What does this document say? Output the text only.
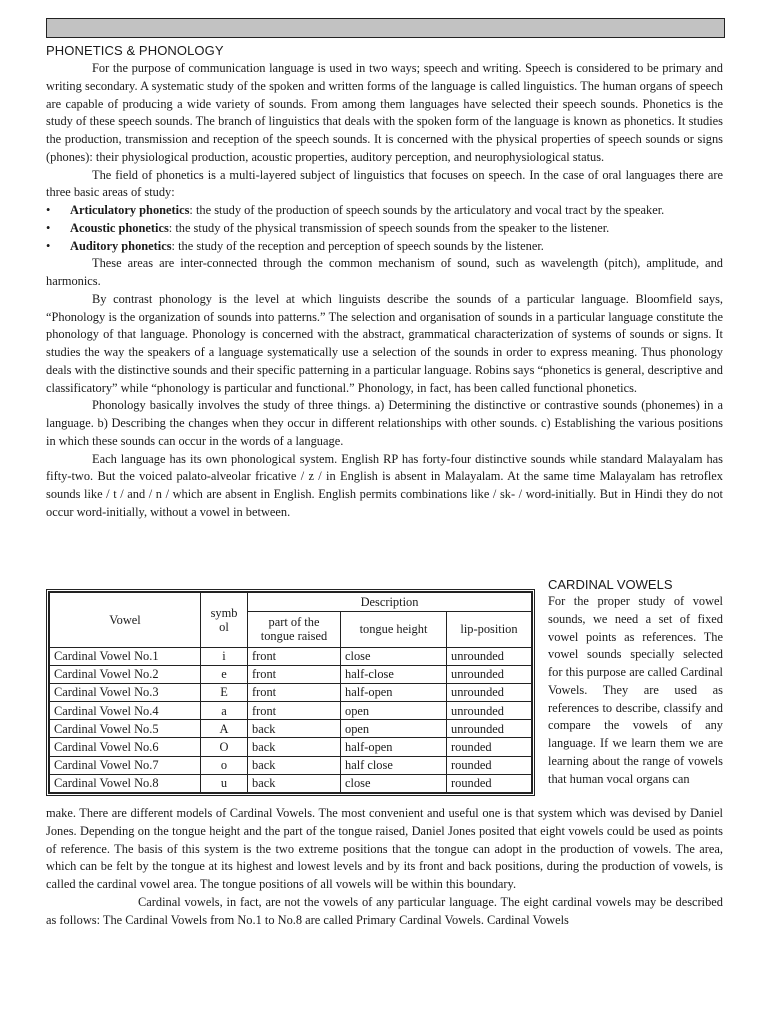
PHONETICS & PHONOLOGY

For the purpose of communication language is used in two ways; speech and writing. Speech is considered to be primary and writing secondary. A systematic study of the spoken and written forms of the language is called linguistics. The human organs of speech are capable of producing a wide variety of sounds. From among them languages have selected their speech sounds. Phonetics is the study of these speech sounds. The branch of linguistics that deals with the spoken form of the language is known as phonetics. It studies the production, transmission and reception of the speech sounds. It is concerned with the physical properties of speech sounds or signs (phones): their physiological production, acoustic properties, auditory perception, and neurophysiological status.

The field of phonetics is a multi-layered subject of linguistics that focuses on speech. In the case of oral languages there are three basic areas of study:

• Articulatory phonetics: the study of the production of speech sounds by the articulatory and vocal tract by the speaker.
• Acoustic phonetics: the study of the physical transmission of speech sounds from the speaker to the listener.
• Auditory phonetics: the study of the reception and perception of speech sounds by the listener.

These areas are inter-connected through the common mechanism of sound, such as wavelength (pitch), amplitude, and harmonics.

By contrast phonology is the level at which linguists describe the sounds of a particular language. Bloomfield says, “Phonology is the organization of sounds into patterns.” The selection and organisation of sounds in a particular language constitute the phonology of that language. Phonology is concerned with the abstract, grammatical characterization of systems of sounds or signs. It studies the way the speakers of a language systematically use a selection of the sounds in order to express meaning. Thus phonology deals with the distinctive sounds and their specific patterning in a particular language. Robins says “phonetics is general, descriptive and classificatory” while “phonology is particular and functional.” Phonology, in fact, has been called functional phonetics.

Phonology basically involves the study of three things. a) Determining the distinctive or contrastive sounds (phonemes) in a language. b) Describing the changes when they occur in different relationships with other sounds. c) Establishing the various positions in which these sounds can occur in the words of a language.

Each language has its own phonological system. English RP has forty-four distinctive sounds while standard Malayalam has fifty-two. But the voiced palato-alveolar fricative / z / in English is absent in Malayalam. At the same time Malayalam has retroflex sounds like / t / and / n / which are absent in English. English permits combinations like / sk- / word-initially. But in Hindi they do not occur word-initially, without a vowel in between.

Vowel	symb ol	Description		
		part of the tongue raised	tongue height	lip-position
Cardinal Vowel No.1	i	front	close	unrounded
Cardinal Vowel No.2	e	front	half-close	unrounded
Cardinal Vowel No.3	E	front	half-open	unrounded
Cardinal Vowel No.4	a	front	open	unrounded
Cardinal Vowel No.5	A	back	open	unrounded
Cardinal Vowel No.6	O	back	half-open	rounded
Cardinal Vowel No.7	o	back	half close	rounded
Cardinal Vowel No.8	u	back	close	rounded

CARDINAL VOWELS

For the proper study of vowel sounds, we need a set of fixed vowel points as references. The vowel sounds specially selected for this purpose are called Cardinal Vowels. They are used as references to describe, classify and compare the vowels of any language. If we learn them we are learning about the range of vowels that human vocal organs can

make. There are different models of Cardinal Vowels. The most convenient and useful one is that system which was devised by Daniel Jones. Depending on the tongue height and the part of the tongue raised, Daniel Jones posited that eight vowels could be used as points of reference. The basis of this system is the two extreme positions that the tongue can adopt in the production of vowels. The area, which can be felt by the tongue at its highest and lowest levels and by its front and back positions, during the production of vowels, is called the cardinal vowel area. The tongue positions of all vowels will be within this boundary.

Cardinal vowels, in fact, are not the vowels of any particular language. The eight cardinal vowels may be described as follows: The Cardinal Vowels from No.1 to No.8 are called Primary Cardinal Vowels. Cardinal Vowels
